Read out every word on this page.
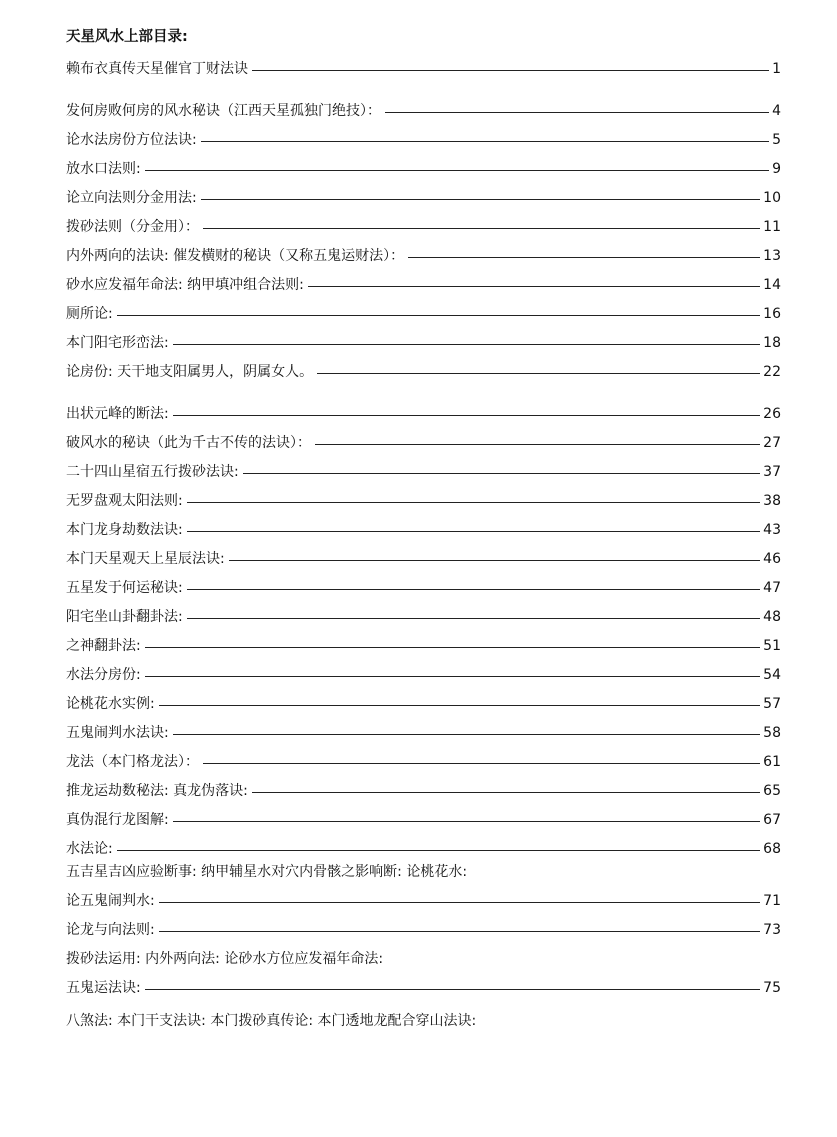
天星风水上部目录:
赖布衣真传天星催官丁财法诀	1
发何房败何房的风水秘诀（江西天星孤独门绝技）：	4
论水法房份方位法诀:	5
放水口法则:	9
论立向法则分金用法:	10
拨砂法则（分金用）：	11
内外两向的法诀: 催发横财的秘诀（又称五鬼运财法）：	13
砂水应发福年命法: 纳甲填冲组合法则:	14
厕所论:	16
本门阳宅形峦法:	18
论房份: 天干地支阳属男人，阴属女人。	22
出状元峰的断法:	26
破风水的秘诀（此为千古不传的法诀）：	27
二十四山星宿五行拨砂法诀:	37
无罗盘观太阳法则:	38
本门龙身劫数法诀:	43
本门天星观天上星辰法诀:	46
五星发于何运秘诀:	47
阳宅坐山卦翻卦法:	48
之神翻卦法:	51
水法分房份:	54
论桃花水实例:	57
五鬼闹判水法诀:	58
龙法（本门格龙法）：	61
推龙运劫数秘法: 真龙伪落诀:	65
真伪混行龙图解:	67
水法论:	68
五吉星吉凶应验断事: 纳甲辅星水对穴内骨骸之影响断: 论桃花水:
论五鬼闹判水:	71
论龙与向法则:	73
拨砂法运用: 内外两向法: 论砂水方位应发福年命法:
五鬼运法诀:	75
八煞法: 本门干支法诀: 本门拨砂真传论: 本门透地龙配合穿山法诀:
